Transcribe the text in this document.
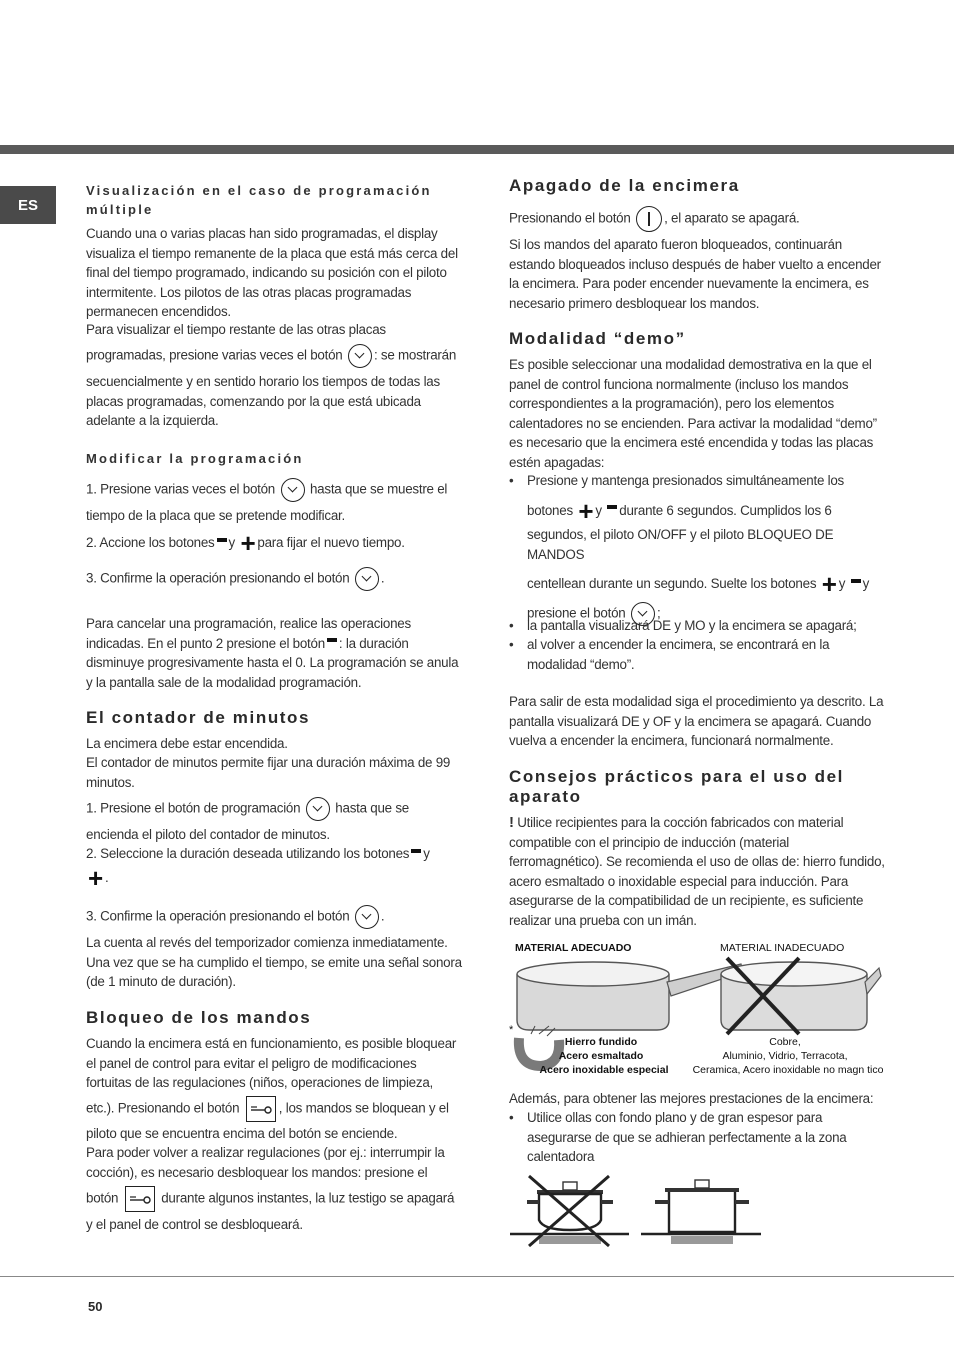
ES
Visualización en el caso de programación múltiple

Cuando una o varias placas han sido programadas, el display visualiza el tiempo remanente de la placa que está más cerca del final del tiempo programado, indicando su posición con el piloto intermitente. Los pilotos de las otras placas programadas permanecen encendidos.

Para visualizar el tiempo restante de las otras placas

programadas, presione varias veces el botón : se mostrarán

secuencialmente y en sentido horario los tiempos de todas las placas programadas, comenzando por la que está ubicada adelante a la izquierda.

Modificar la programación

1. Presione varias veces el botón	hasta que se muestre el

tiempo de la placa que se pretende modificar.

2. Accione los botones y + para fijar el nuevo tiempo.

3. Confirme la operación presionando el botón .

Para cancelar una programación, realice las operaciones indicadas. En el punto 2 presione el botón : la duración disminuye progresivamente hasta el 0. La programación se anula y la pantalla sale de la modalidad programación.

El contador de minutos

La encimera debe estar encendida.

El contador de minutos permite fijar una duración máxima de 99 minutos.

1. Presione el botón de programación	hasta que se

encienda el piloto del contador de minutos.

2. Seleccione la duración deseada utilizando los botones y

+ .

3. Confirme la operación presionando el botón .

La cuenta al revés del temporizador comienza inmediatamente. Una vez que se ha cumplido el tiempo, se emite una señal sonora (de 1 minuto de duración).

Bloqueo de los mandos

Cuando la encimera está en funcionamiento, es posible bloquear el panel de control para evitar el peligro de modificaciones fortuitas de las regulaciones (niños, operaciones de limpieza,

etc.). Presionando el botón	, los mandos se bloquean y el

piloto que se encuentra encima del botón se enciende.

Para poder volver a realizar regulaciones (por ej.: interrumpir la cocción), es necesario desbloquear los mandos: presione el

botón	durante algunos instantes, la luz testigo se apagará

y el panel de control se desbloqueará.

Apagado de la encimera

Presionando el botón , el aparato se apagará.

Si los mandos del aparato fueron bloqueados, continuarán estando bloqueados incluso después de haber vuelto a encender la encimera. Para poder encender nuevamente la encimera, es necesario primero desbloquear los mandos.

Modalidad “demo”

Es posible seleccionar una modalidad demostrativa en la que el panel de control funciona normalmente (incluso los mandos correspondientes a la programación), pero los elementos calentadores no se encienden. Para activar la modalidad “demo” es necesario que la encimera esté encendida y todas las placas estén apagadas:

• Presione y mantenga presionados simultáneamente los
botones + y durante 6 segundos. Cumplidos los 6
segundos, el piloto ON/OFF y el piloto BLOQUEO DE MANDOS
centellean durante un segundo. Suelte los botones + y y
presione el botón ;
• la pantalla visualizará DE y MO y la encimera se apagará;
• al volver a encender la encimera, se encontrará en la modalidad “demo”.

Para salir de esta modalidad siga el procedimiento ya descrito. La pantalla visualizará DE y OF y la encimera se apagará. Cuando vuelva a encender la encimera, funcionará normalmente.

Consejos prácticos para el uso del aparato

! Utilice recipientes para la cocción fabricados con material compatible con el principio de inducción (material ferromagnético). Se recomienda el uso de ollas de: hierro fundido, acero esmaltado o inoxidable especial para inducción. Para asegurarse de la compatibilidad de un recipiente, es suficiente realizar una prueba con un imán.

MATERIAL ADECUADO	MATERIAL INADECUADO
*
Hierro fundido
Acero esmaltado
Acero inoxidable especial
Cobre,
Aluminio, Vidrio, Terracota,
Ceramica, Acero inoxidable no magn tico

Además, para obtener las mejores prestaciones de la encimera:

• Utilice ollas con fondo plano y de gran espesor para asegurarse de que se adhieran perfectamente a la zona calentadora
50
